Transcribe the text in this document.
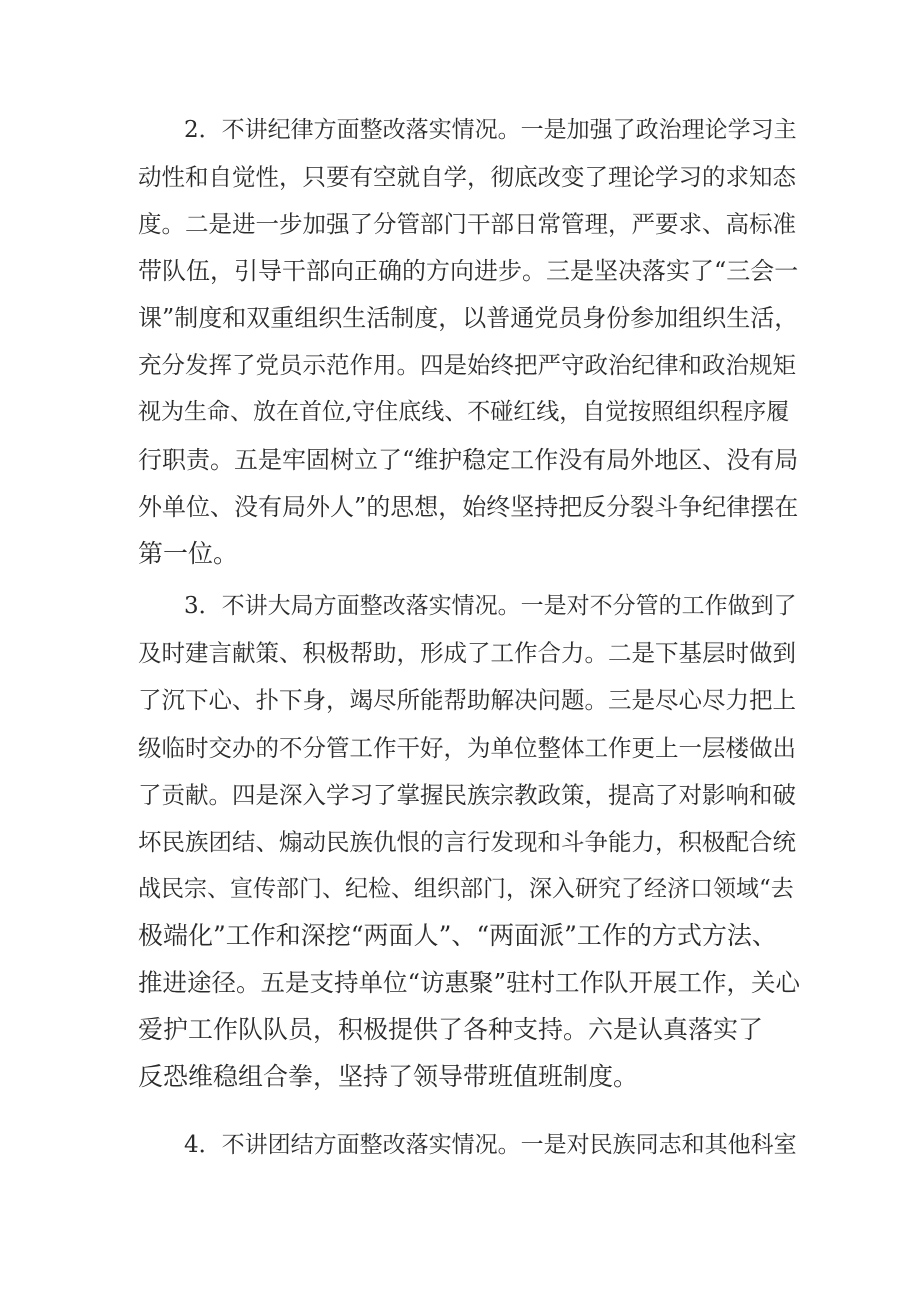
2．不讲纪律方面整改落实情况。一是加强了政治理论学习主
动性和自觉性，只要有空就自学，彻底改变了理论学习的求知态
度。二是进一步加强了分管部门干部日常管理，严要求、高标准
带队伍，引导干部向正确的方向进步。三是坚决落实了“三会一
课”制度和双重组织生活制度，以普通党员身份参加组织生活，
充分发挥了党员示范作用。四是始终把严守政治纪律和政治规矩
视为生命、放在首位,守住底线、不碰红线，自觉按照组织程序履
行职责。五是牢固树立了“维护稳定工作没有局外地区、没有局
外单位、没有局外人”的思想，始终坚持把反分裂斗争纪律摆在
第一位。
3．不讲大局方面整改落实情况。一是对不分管的工作做到了
及时建言献策、积极帮助，形成了工作合力。二是下基层时做到
了沉下心、扑下身，竭尽所能帮助解决问题。三是尽心尽力把上
级临时交办的不分管工作干好，为单位整体工作更上一层楼做出
了贡献。四是深入学习了掌握民族宗教政策，提高了对影响和破
坏民族团结、煽动民族仇恨的言行发现和斗争能力，积极配合统
战民宗、宣传部门、纪检、组织部门，深入研究了经济口领域“去
极端化”工作和深挖“两面人”、“两面派”工作的方式方法、
推进途径。五是支持单位“访惠聚”驻村工作队开展工作，关心
爱护工作队队员，积极提供了各种支持。六是认真落实了
反恐维稳组合拳，坚持了领导带班值班制度。
4．不讲团结方面整改落实情况。一是对民族同志和其他科室
